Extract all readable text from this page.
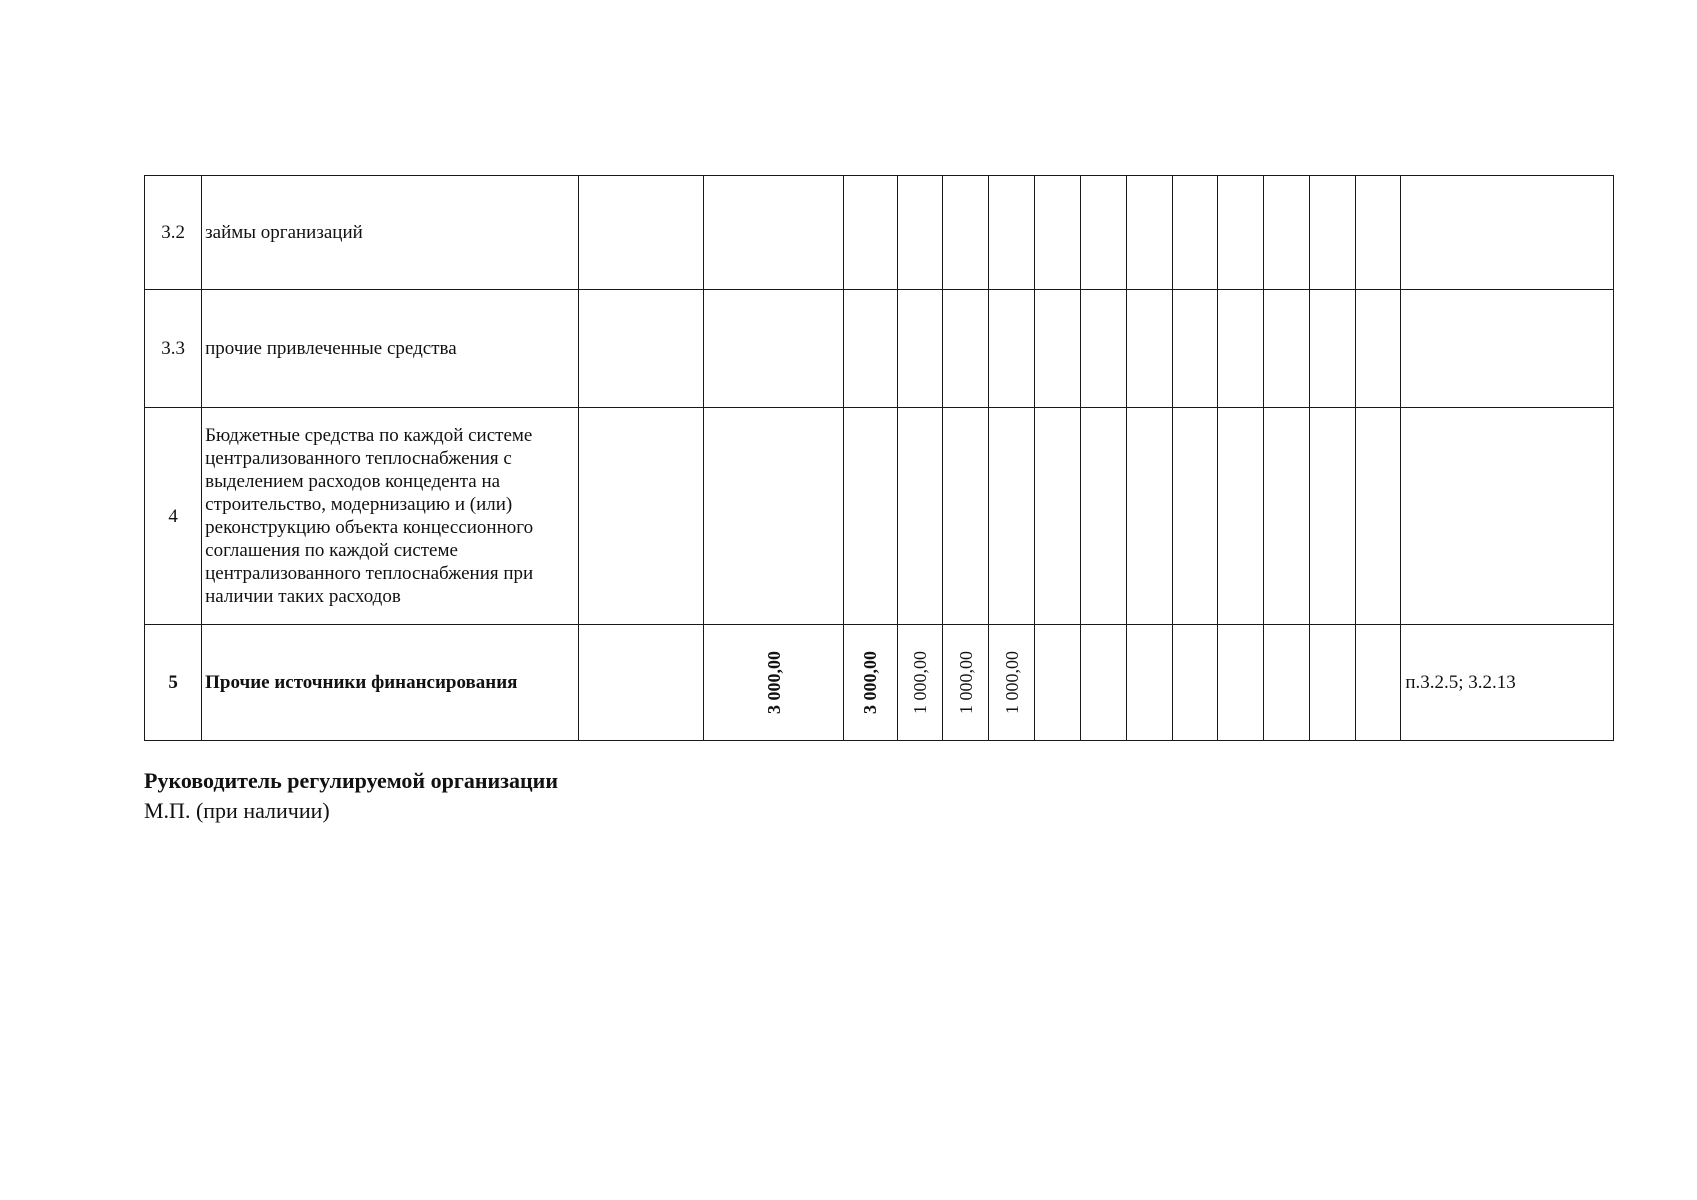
3.2	займы организаций															
3.3	прочие привлеченные средства															
4	Бюджетные средства по каждой системе централизованного теплоснабжения с выделением расходов концедента на строительство, модернизацию и (или) реконструкцию объекта концессионного соглашения по каждой системе централизованного теплоснабжения при наличии таких расходов															
5	Прочие источники финансирования		3 000,00	3 000,00	1 000,00	1 000,00	1 000,00									п.3.2.5; 3.2.13
Руководитель регулируемой организации
М.П. (при наличии)
